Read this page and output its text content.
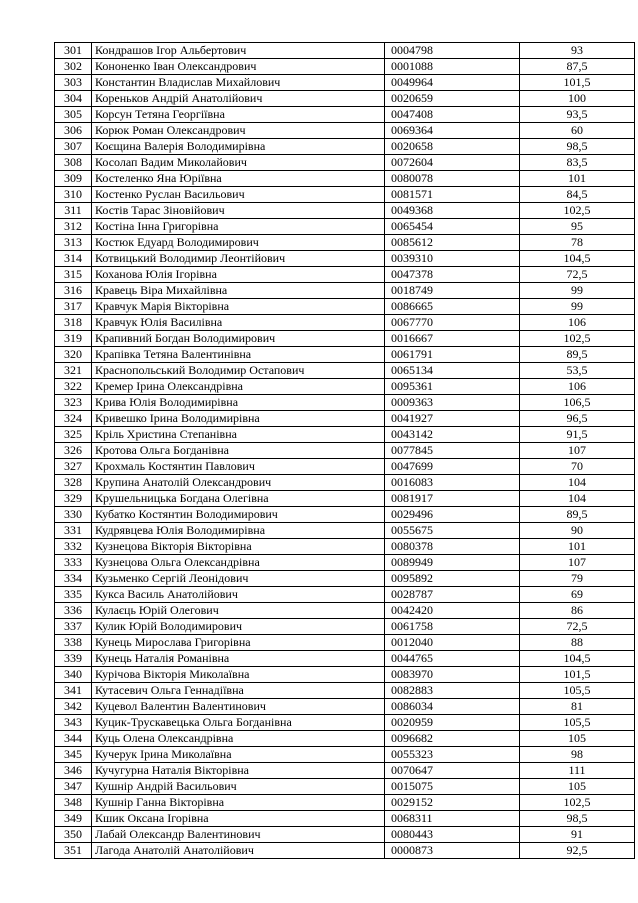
301	Кондрашов Ігор Альбертович	0004798	93
302	Кононенко Іван Олександрович	0001088	87,5
303	Константин Владислав Михайлович	0049964	101,5
304	Кореньков Андрій Анатолійович	0020659	100
305	Корсун Тетяна Георгіївна	0047408	93,5
306	Корюк Роман Олександрович	0069364	60
307	Коєщина Валерія Володимирівна	0020658	98,5
308	Косолап Вадим Миколайович	0072604	83,5
309	Костеленко Яна Юріївна	0080078	101
310	Костенко Руслан Васильович	0081571	84,5
311	Костів Тарас Зіновійович	0049368	102,5
312	Костіна Інна Григорівна	0065454	95
313	Костюк Едуард Володимирович	0085612	78
314	Котвицький Володимир Леонтійович	0039310	104,5
315	Коханова Юлія Ігорівна	0047378	72,5
316	Кравець Віра Михайлівна	0018749	99
317	Кравчук Марія Вікторівна	0086665	99
318	Кравчук Юлія Василівна	0067770	106
319	Крапивний Богдан Володимирович	0016667	102,5
320	Крапівка Тетяна Валентинівна	0061791	89,5
321	Краснопольський Володимир Остапович	0065134	53,5
322	Кремер Ірина Олександрівна	0095361	106
323	Крива Юлія Володимирівна	0009363	106,5
324	Кривешко Ірина Володимирівна	0041927	96,5
325	Кріль Христина Степанівна	0043142	91,5
326	Кротова Ольга Богданівна	0077845	107
327	Крохмаль Костянтин Павлович	0047699	70
328	Крупина Анатолій Олександрович	0016083	104
329	Крушельницька Богдана Олегівна	0081917	104
330	Кубатко Костянтин Володимирович	0029496	89,5
331	Кудрявцева Юлія Володимирівна	0055675	90
332	Кузнецова Вікторія Вікторівна	0080378	101
333	Кузнецова Ольга Олександрівна	0089949	107
334	Кузьменко Сергій Леонідович	0095892	79
335	Кукса Василь Анатолійович	0028787	69
336	Кулаєць Юрій Олегович	0042420	86
337	Кулик Юрій Володимирович	0061758	72,5
338	Кунець Мирослава Григорівна	0012040	88
339	Кунець Наталія Романівна	0044765	104,5
340	Курічова Вікторія Миколаївна	0083970	101,5
341	Кутасевич Ольга Геннадіївна	0082883	105,5
342	Куцевол Валентин Валентинович	0086034	81
343	Куцик-Трускавецька Ольга Богданівна	0020959	105,5
344	Куць Олена Олександрівна	0096682	105
345	Кучерук Ірина Миколаївна	0055323	98
346	Кучугурна Наталія Вікторівна	0070647	111
347	Кушнір Андрій Васильович	0015075	105
348	Кушнір Ганна Вікторівна	0029152	102,5
349	Кшик Оксана Ігорівна	0068311	98,5
350	Лабай Олександр Валентинович	0080443	91
351	Лагода Анатолій Анатолійович	0000873	92,5
